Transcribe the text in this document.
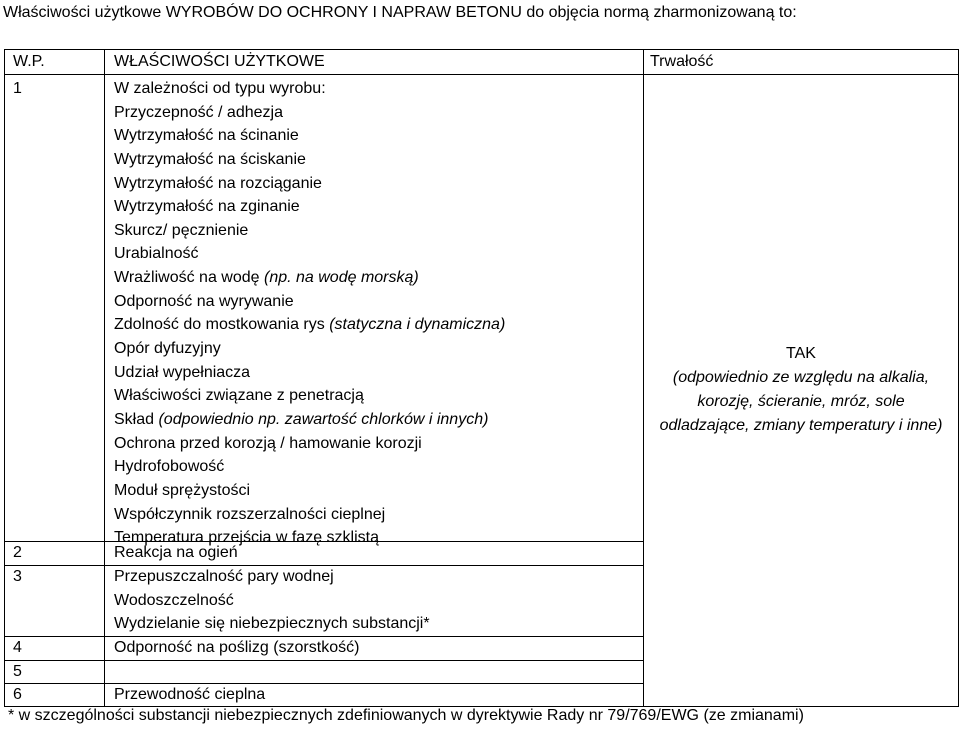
Właściwości użytkowe WYROBÓW DO OCHRONY I NAPRAW BETONU do objęcia normą zharmonizowaną to:
W.P.	WŁAŚCIWOŚCI UŻYTKOWE	Trwałość
1	W zależności od typu wyrobu:
Przyczepność / adhezja
Wytrzymałość na ścinanie
Wytrzymałość na ściskanie
Wytrzymałość na rozciąganie
Wytrzymałość na zginanie
Skurcz/ pęcznienie
Urabialność
Wrażliwość na wodę (np. na wodę morską)
Odporność na wyrywanie
Zdolność do mostkowania rys (statyczna i dynamiczna)
Opór dyfuzyjny
Udział wypełniacza
Właściwości związane z penetracją
Skład (odpowiednio np. zawartość chlorków i innych)
Ochrona przed korozją / hamowanie korozji
Hydrofobowość
Moduł sprężystości
Współczynnik rozszerzalności cieplnej
Temperatura przejścia w fazę szklistą
2	Reakcja na ogień
3	Przepuszczalność pary wodnej
Wodoszczelność
Wydzielanie się niebezpiecznych substancji*
4	Odporność na poślizg (szorstkość)
5
6	Przewodność cieplna
TAK
(odpowiednio ze względu na alkalia,
korozję, ścieranie, mróz, sole
odladzające, zmiany temperatury i inne)
* w szczególności substancji niebezpiecznych zdefiniowanych w dyrektywie Rady nr 79/769/EWG (ze zmianami)
